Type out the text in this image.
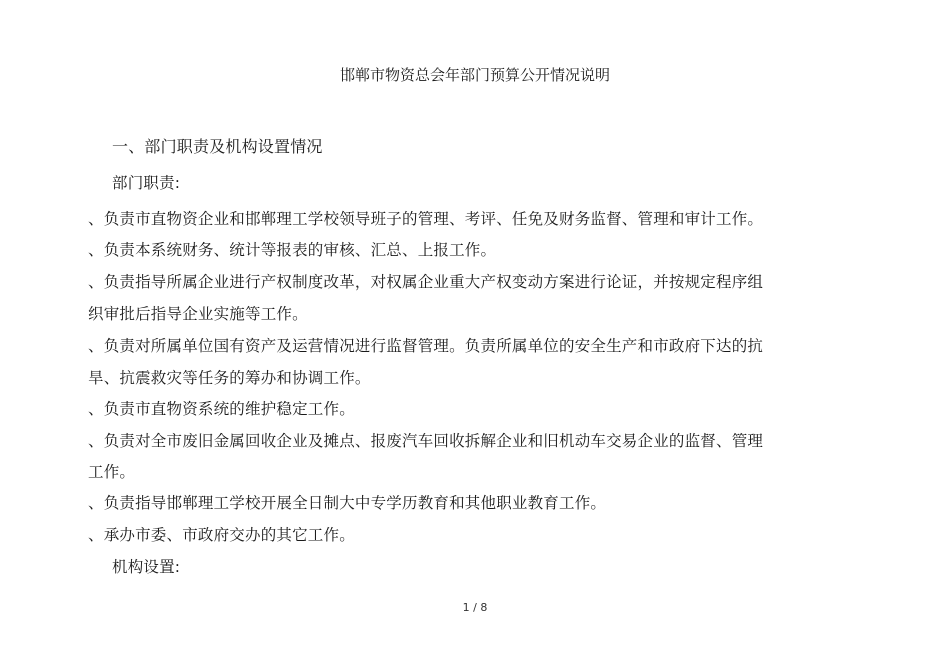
邯郸市物资总会年部门预算公开情况说明
一、部门职责及机构设置情况
部门职责:
、负责市直物资企业和邯郸理工学校领导班子的管理、考评、任免及财务监督、管理和审计工作。
、负责本系统财务、统计等报表的审核、汇总、上报工作。
、负责指导所属企业进行产权制度改革，对权属企业重大产权变动方案进行论证，并按规定程序组
织审批后指导企业实施等工作。
、负责对所属单位国有资产及运营情况进行监督管理。负责所属单位的安全生产和市政府下达的抗
旱、抗震救灾等任务的筹办和协调工作。
、负责市直物资系统的维护稳定工作。
、负责对全市废旧金属回收企业及摊点、报废汽车回收拆解企业和旧机动车交易企业的监督、管理
工作。
、负责指导邯郸理工学校开展全日制大中专学历教育和其他职业教育工作。
、承办市委、市政府交办的其它工作。
机构设置:
1 / 8
